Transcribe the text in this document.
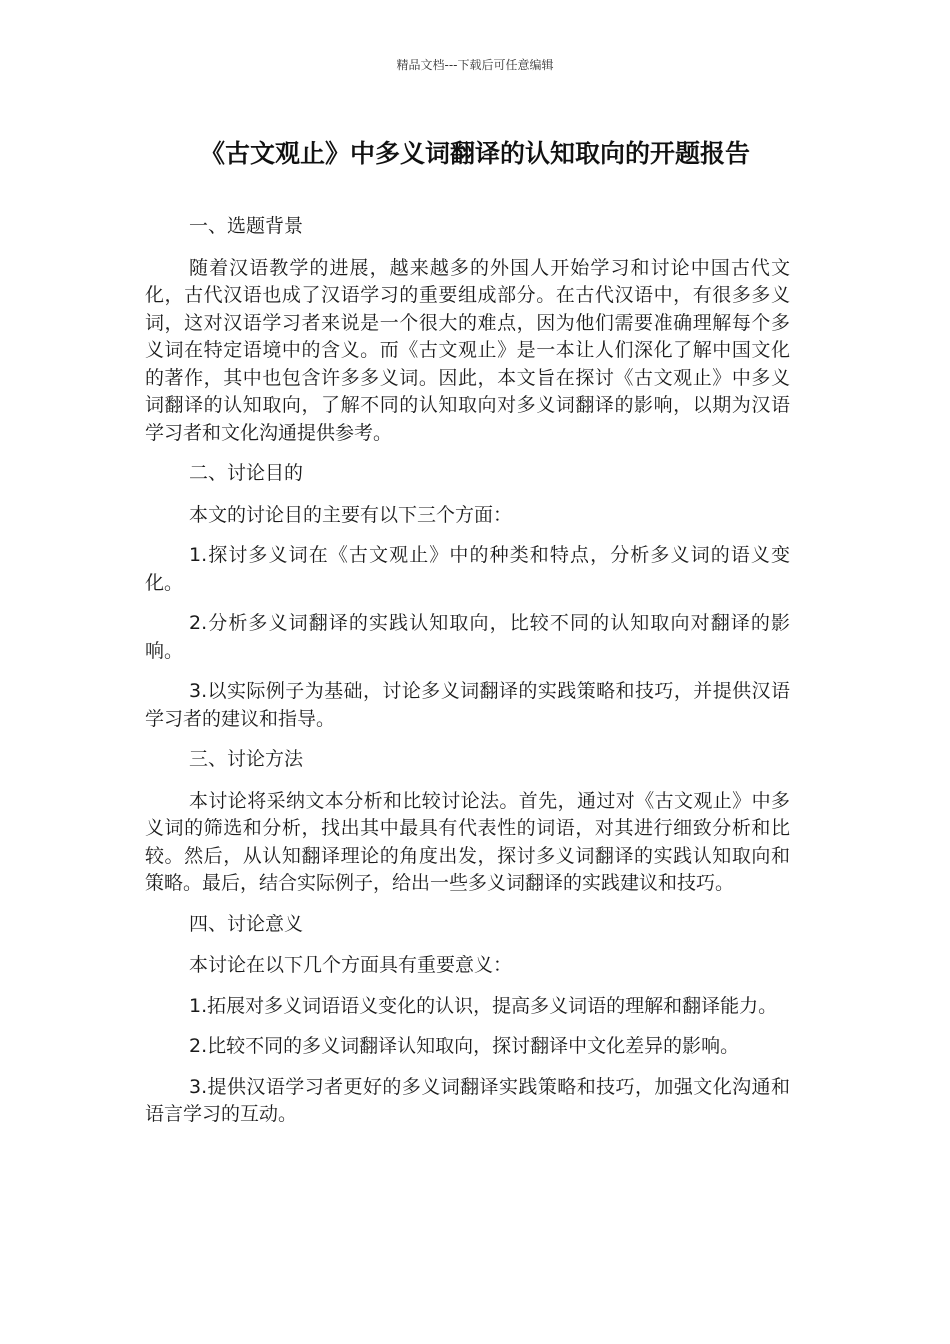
精品文档---下载后可任意编辑
《古文观止》中多义词翻译的认知取向的开题报告

一、选题背景

随着汉语教学的进展，越来越多的外国人开始学习和讨论中国古代文化，古代汉语也成了汉语学习的重要组成部分。在古代汉语中，有很多多义词，这对汉语学习者来说是一个很大的难点，因为他们需要准确理解每个多义词在特定语境中的含义。而《古文观止》是一本让人们深化了解中国文化的著作，其中也包含许多多义词。因此，本文旨在探讨《古文观止》中多义词翻译的认知取向，了解不同的认知取向对多义词翻译的影响，以期为汉语学习者和文化沟通提供参考。

二、讨论目的

本文的讨论目的主要有以下三个方面：

1.探讨多义词在《古文观止》中的种类和特点，分析多义词的语义变化。

2.分析多义词翻译的实践认知取向，比较不同的认知取向对翻译的影响。

3.以实际例子为基础，讨论多义词翻译的实践策略和技巧，并提供汉语学习者的建议和指导。

三、讨论方法

本讨论将采纳文本分析和比较讨论法。首先，通过对《古文观止》中多义词的筛选和分析，找出其中最具有代表性的词语，对其进行细致分析和比较。然后，从认知翻译理论的角度出发，探讨多义词翻译的实践认知取向和策略。最后，结合实际例子，给出一些多义词翻译的实践建议和技巧。

四、讨论意义

本讨论在以下几个方面具有重要意义：

1.拓展对多义词语语义变化的认识，提高多义词语的理解和翻译能力。

2.比较不同的多义词翻译认知取向，探讨翻译中文化差异的影响。

3.提供汉语学习者更好的多义词翻译实践策略和技巧，加强文化沟通和语言学习的互动。
